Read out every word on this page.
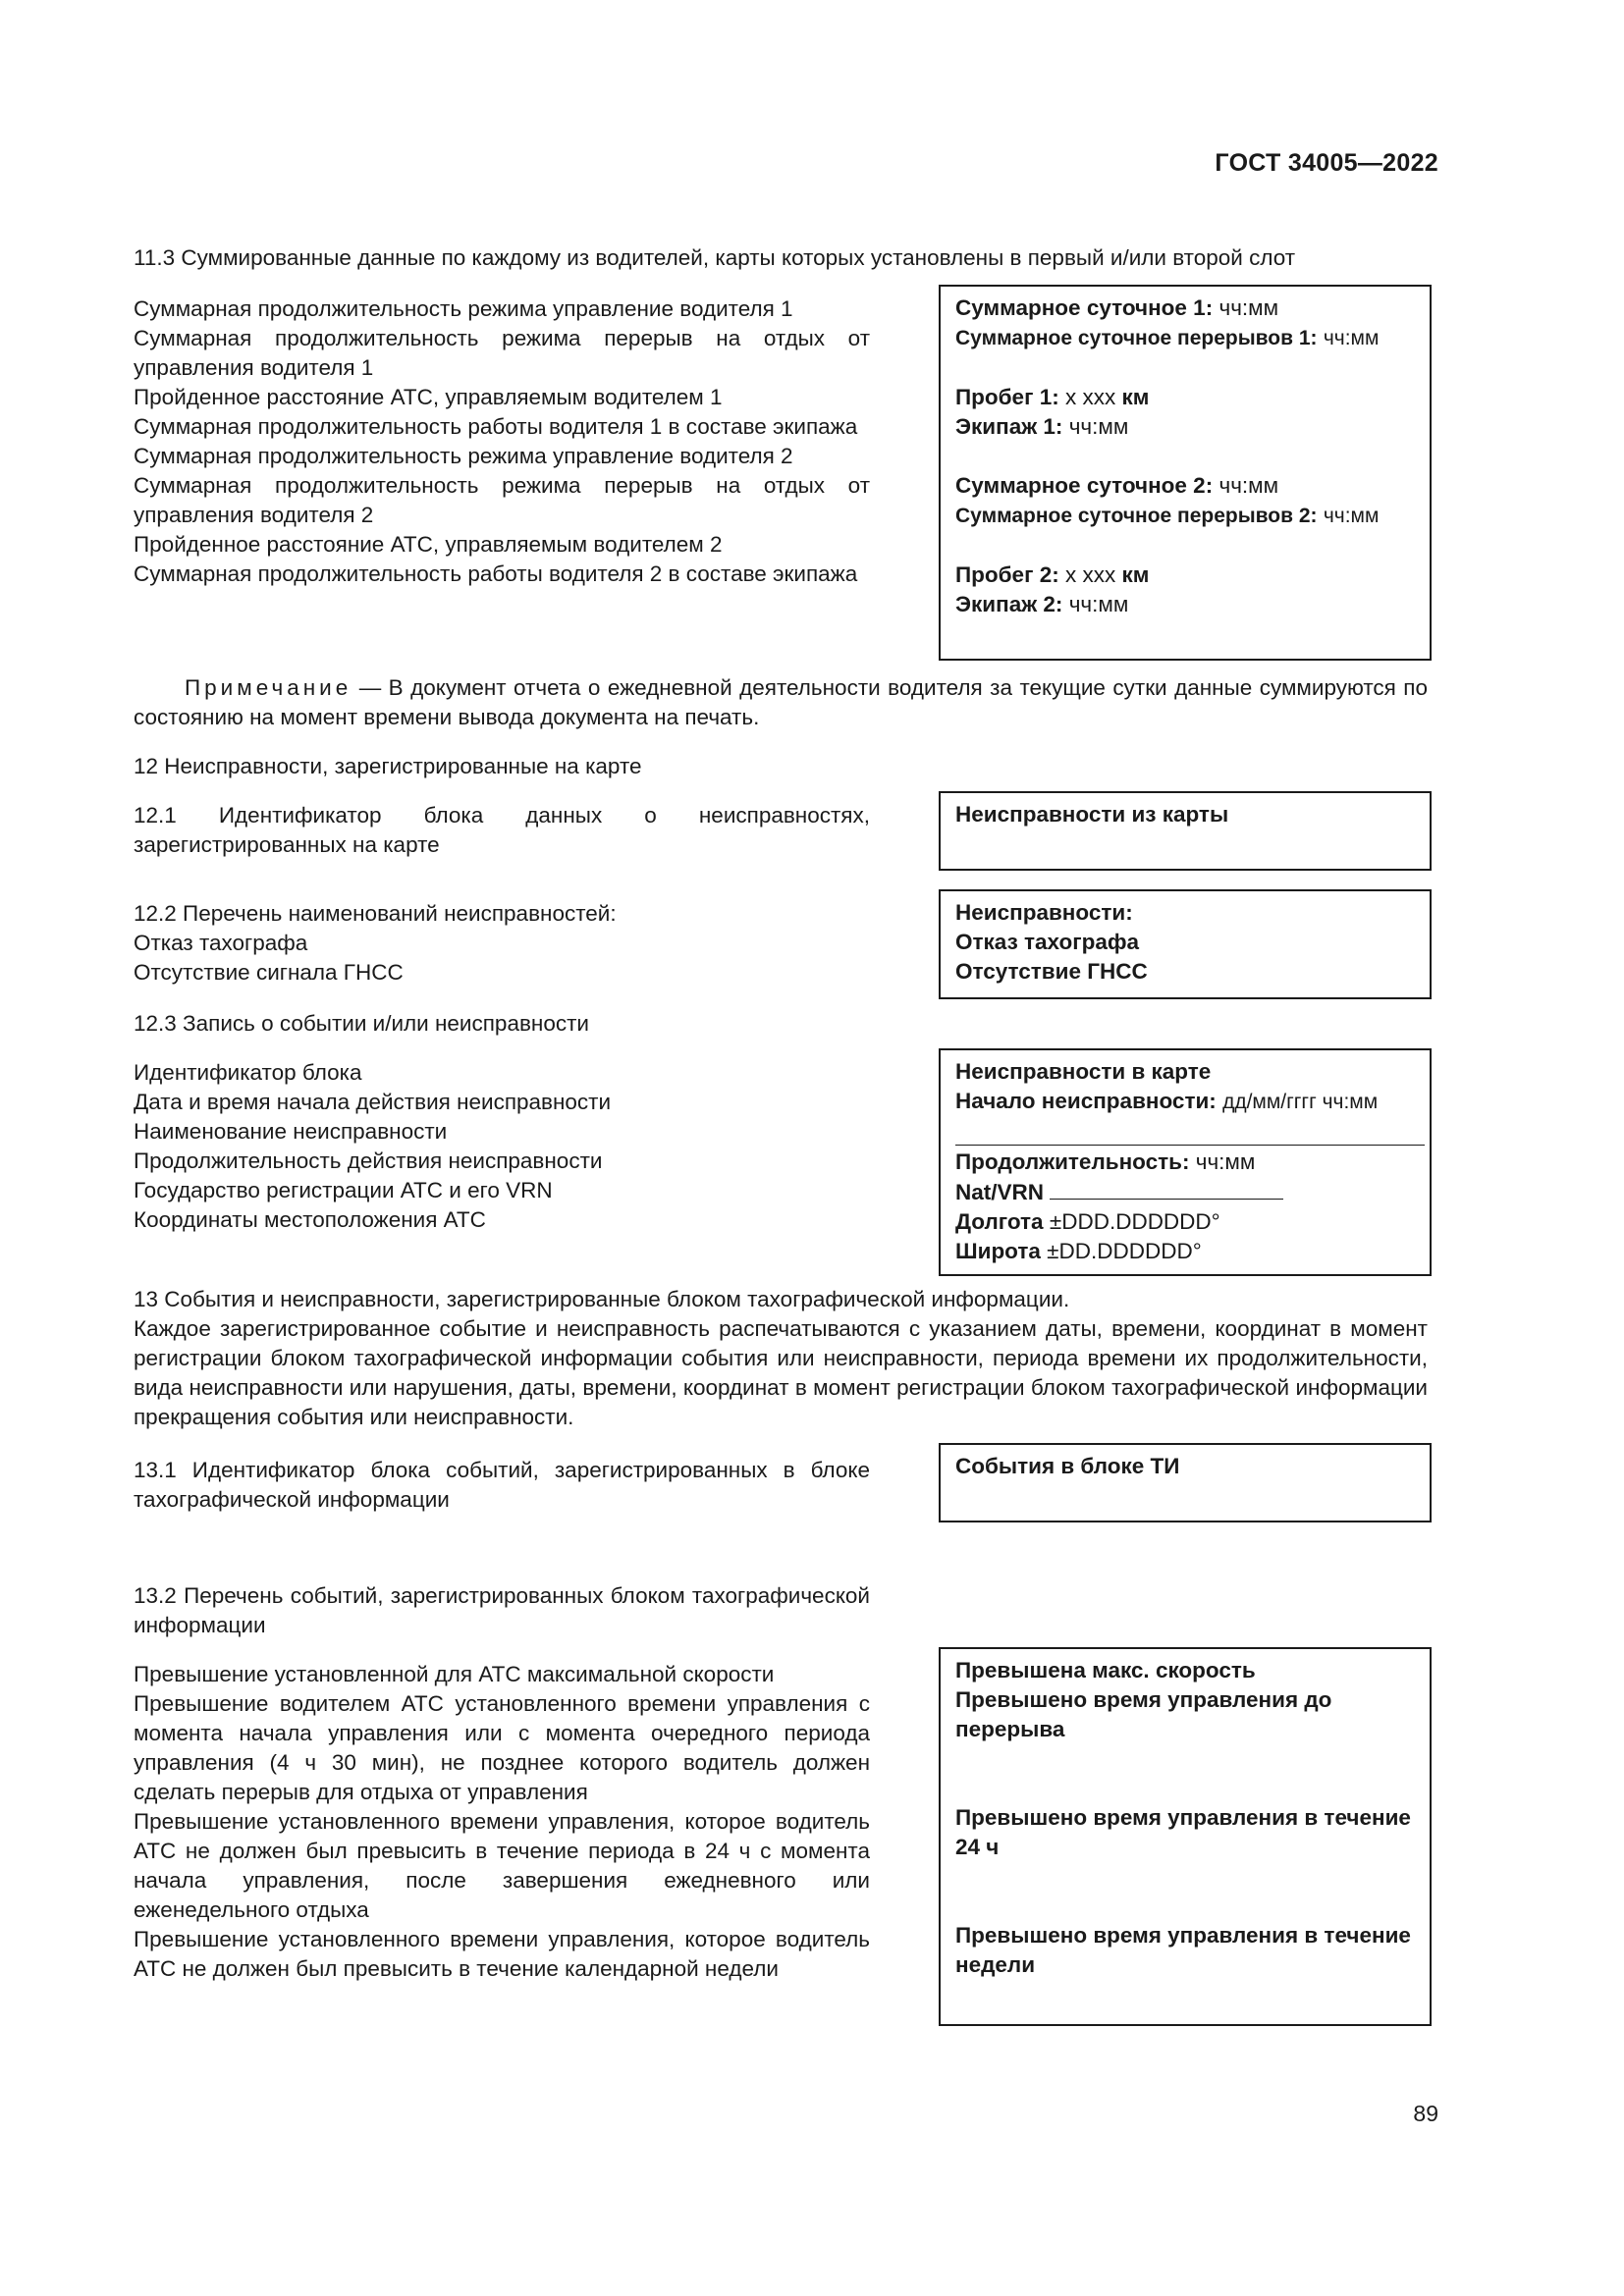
ГОСТ 34005—2022
11.3 Суммированные данные по каждому из водителей, карты которых установлены в первый и/или второй слот
Суммарная продолжительность режима управление водителя 1
Суммарная продолжительность режима перерыв на отдых от управления водителя 1
Пройденное расстояние АТС, управляемым водителем 1
Суммарная продолжительность работы водителя 1 в составе экипажа
Суммарная продолжительность режима управление водителя 2
Суммарная продолжительность режима перерыв на отдых от управления водителя 2
Пройденное расстояние АТС, управляемым водителем 2
Суммарная продолжительность работы водителя 2 в составе экипажа
Суммарное суточное 1: чч:мм
Суммарное суточное перерывов 1: чч:мм
Пробег 1: х ххх км
Экипаж 1: чч:мм
Суммарное суточное 2: чч:мм
Суммарное суточное перерывов 2: чч:мм
Пробег 2: х ххх км
Экипаж 2: чч:мм
Примечание — В документ отчета о ежедневной деятельности водителя за текущие сутки данные суммируются по состоянию на момент времени вывода документа на печать.
12 Неисправности, зарегистрированные на карте
12.1 Идентификатор блока данных о неисправностях, зарегистрированных на карте
Неисправности из карты
12.2 Перечень наименований неисправностей:
Отказ тахографа
Отсутствие сигнала ГНСС
Неисправности:
Отказ тахографа
Отсутствие ГНСС
12.3 Запись о событии и/или неисправности
Идентификатор блока
Дата и время начала действия неисправности
Наименование неисправности
Продолжительность действия неисправности
Государство регистрации АТС и его VRN
Координаты местоположения АТС
Неисправности в карте
Начало неисправности: дд/мм/гггг чч:мм
Продолжительность: чч:мм
Nat/VRN
Долгота ±DDD.DDDDDD°
Широта ±DD.DDDDDD°
13 События и неисправности, зарегистрированные блоком тахографической информации.
Каждое зарегистрированное событие и неисправность распечатываются с указанием даты, времени, координат в момент регистрации блоком тахографической информации события или неисправности, периода времени их продолжительности, вида неисправности или нарушения, даты, времени, координат в момент регистрации блоком тахографической информации прекращения события или неисправности.
13.1 Идентификатор блока событий, зарегистрированных в блоке тахографической информации
События в блоке ТИ
13.2 Перечень событий, зарегистрированных блоком тахографической информации
Превышение установленной для АТС максимальной скорости
Превышение водителем АТС установленного времени управления с момента начала управления или с момента очередного периода управления (4 ч 30 мин), не позднее которого водитель должен сделать перерыв для отдыха от управления
Превышение установленного времени управления, которое водитель АТС не должен был превысить в течение периода в 24 ч с момента начала управления, после завершения ежедневного или еженедельного отдыха
Превышение установленного времени управления, которое водитель АТС не должен был превысить в течение календарной недели
Превышена макс. скорость
Превышено время управления до перерыва
Превышено время управления в течение 24 ч
Превышено время управления в течение недели
89
